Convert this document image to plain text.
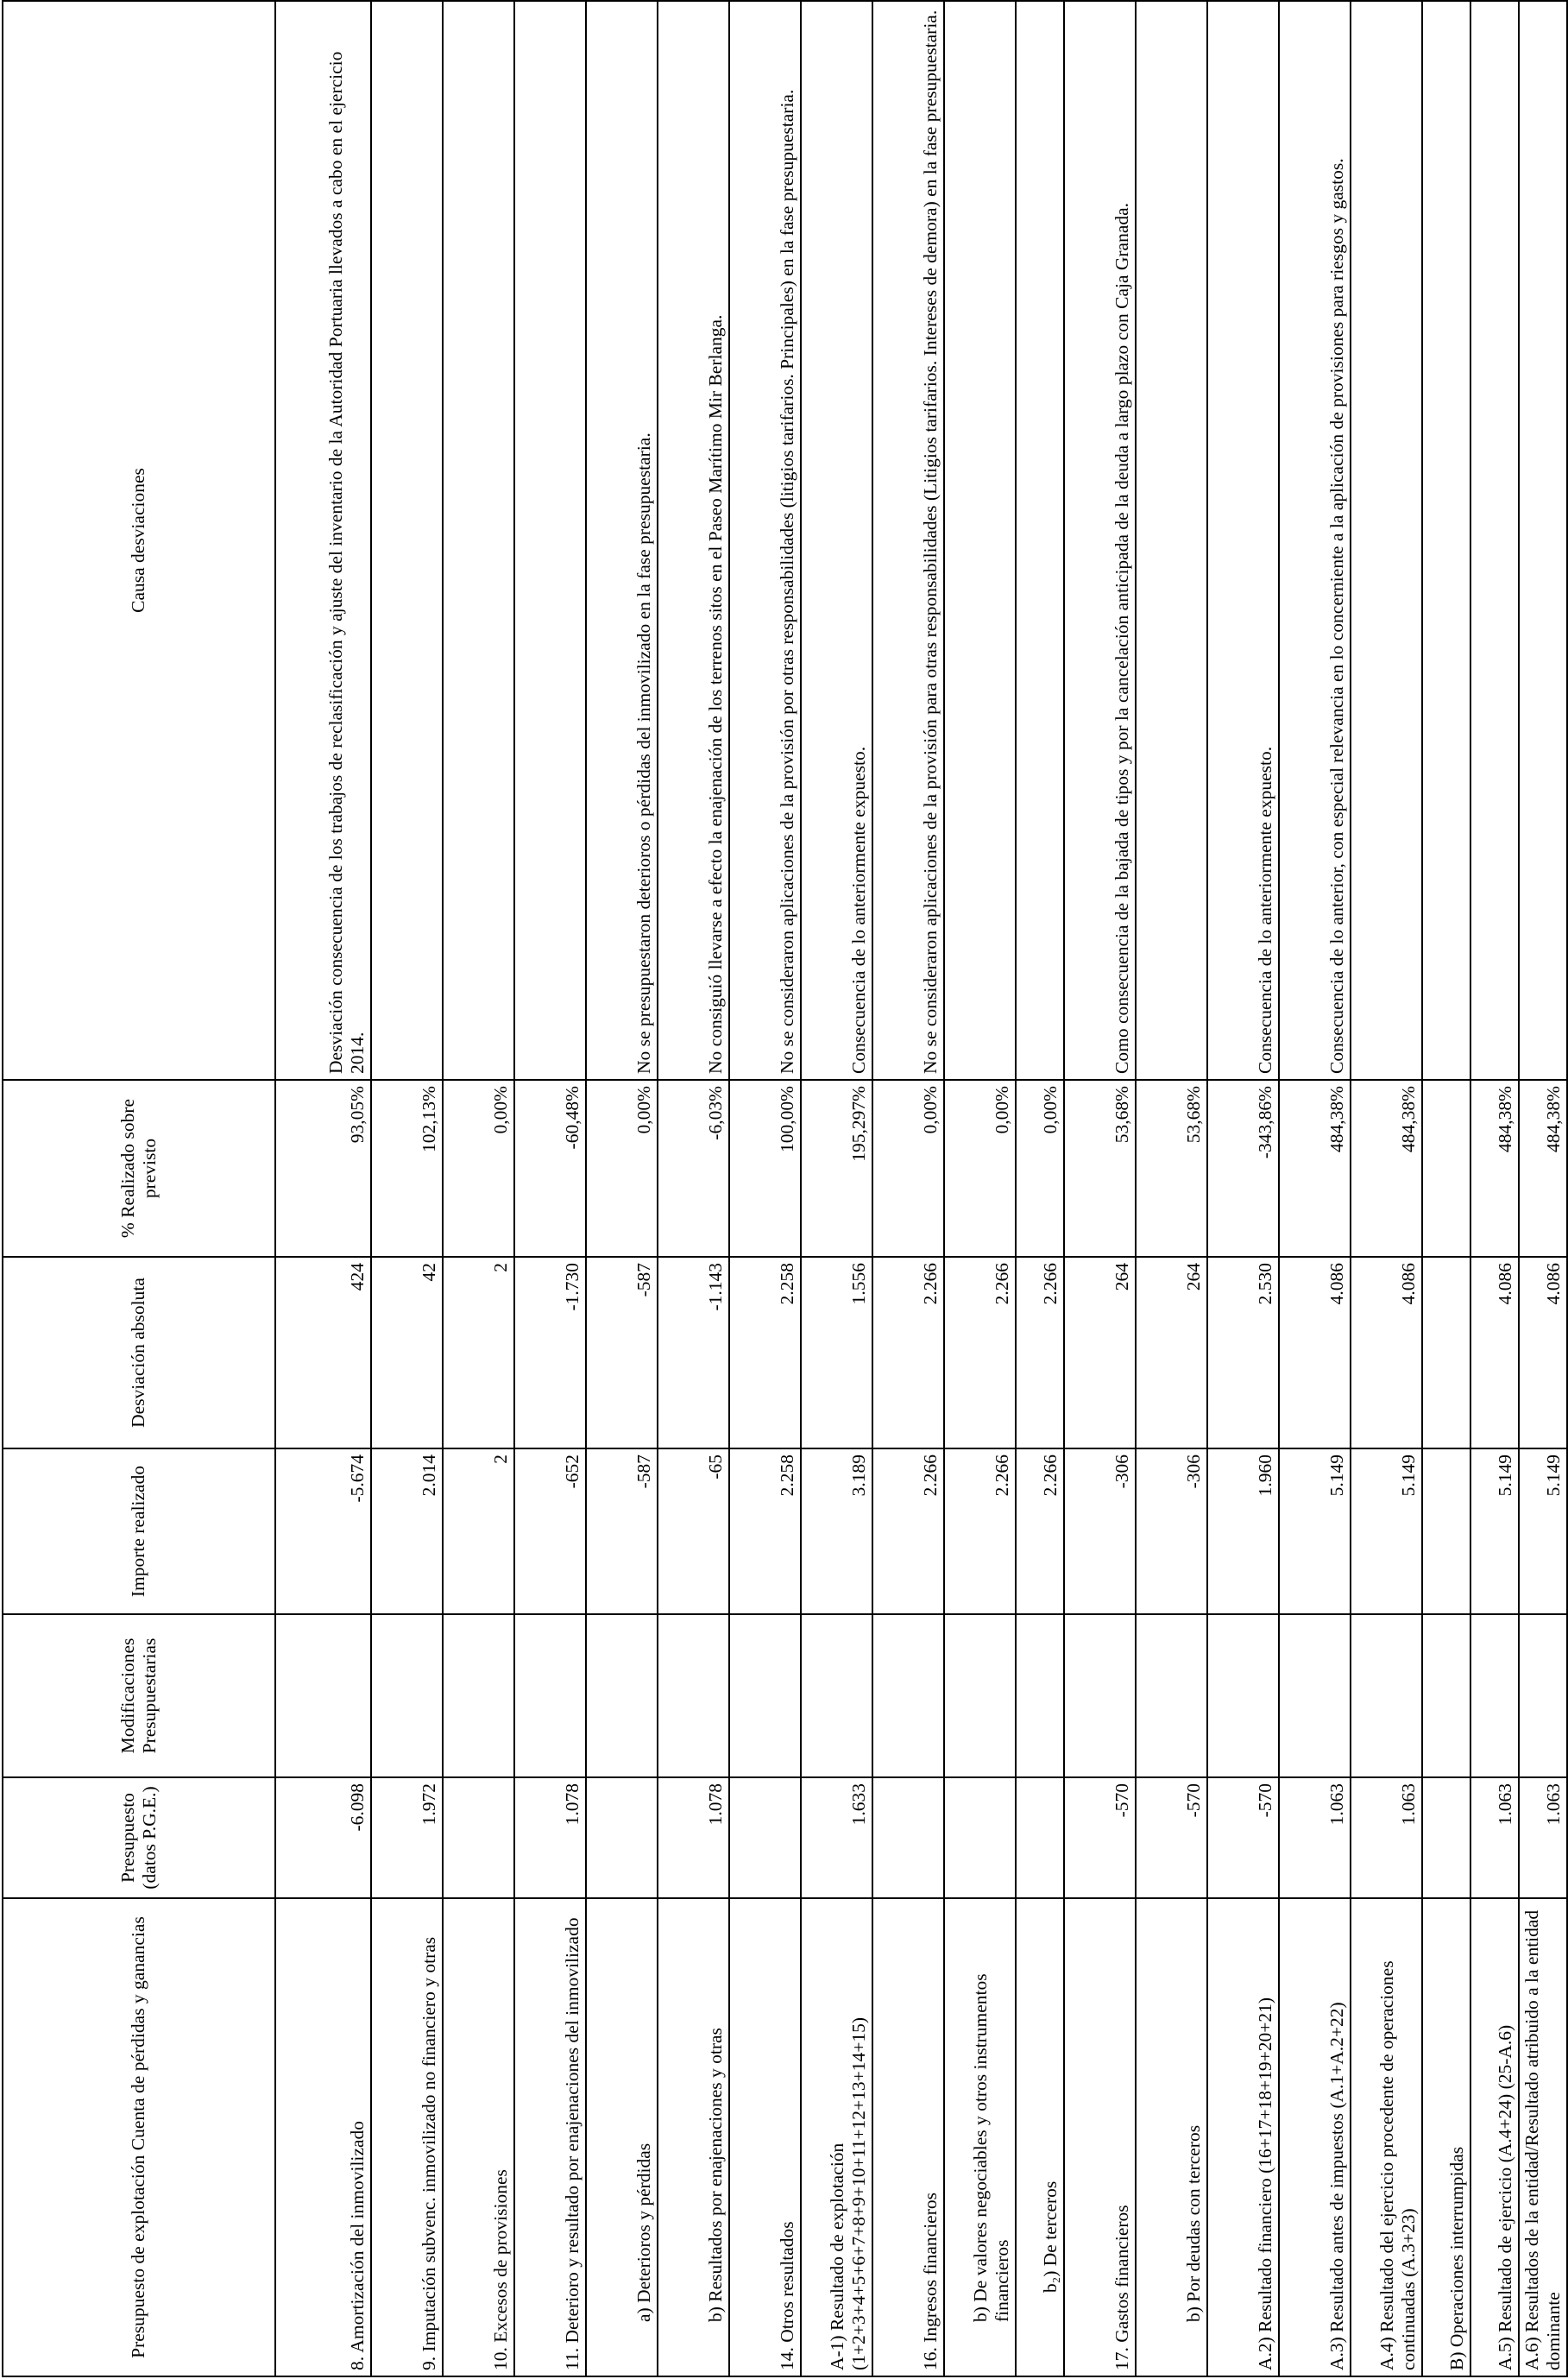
Presupuesto de explotación Cuenta de pérdidas y ganancias	Presupuesto (datos P.G.E.)	Modificaciones Presupuestarias	Importe realizado	Desviación absoluta	% Realizado sobre previsto	Causa desviaciones
8. Amortización del inmovilizado	-6.098		-5.674	424	93,05%	Desviación consecuencia de los trabajos de reclasificación y ajuste del inventario de la Autoridad Portuaria llevados a cabo en el ejercicio 2014.
9. Imputación subvenc. inmovilizado no financiero y otras	1.972		2.014	42	102,13%	
10. Excesos de provisiones			2	2	0,00%	
11. Deterioro y resultado por enajenaciones del inmovilizado	1.078		-652	-1.730	-60,48%	
a) Deterioros y pérdidas			-587	-587	0,00%	No se presupuestaron deterioros o pérdidas del inmovilizado en la fase presupuestaria.
b) Resultados por enajenaciones y otras	1.078		-65	-1.143	-6,03%	No consiguió llevarse a efecto la enajenación de los terrenos sitos en el Paseo Marítimo Mir Berlanga.
14. Otros resultados			2.258	2.258	100,00%	No se consideraron aplicaciones de la provisión por otras responsabilidades (litigios tarifarios. Principales) en la fase presupuestaria.
A-1) Resultado de explotación (1+2+3+4+5+6+7+8+9+10+11+12+13+14+15)	1.633		3.189	1.556	195,297%	Consecuencia de lo anteriormente expuesto.
16. Ingresos financieros			2.266	2.266	0,00%	No se consideraron aplicaciones de la provisión para otras responsabilidades (Litigios tarifarios. Intereses de demora) en la fase presupuestaria.
b) De valores negociables y otros instrumentos financieros			2.266	2.266	0,00%	
b₂) De terceros			2.266	2.266	0,00%	
17. Gastos financieros	-570		-306	264	53,68%	Como consecuencia de la bajada de tipos y por la cancelación anticipada de la deuda a largo plazo con Caja Granada.
b) Por deudas con terceros	-570		-306	264	53,68%	
A.2) Resultado financiero (16+17+18+19+20+21)	-570		1.960	2.530	-343,86%	Consecuencia de lo anteriormente expuesto.
A.3) Resultado antes de impuestos (A.1+A.2+22)	1.063		5.149	4.086	484,38%	Consecuencia de lo anterior, con especial relevancia en lo concerniente a la aplicación de provisiones para riesgos y gastos.
A.4) Resultado del ejercicio procedente de operaciones continuadas (A.3+23)	1.063		5.149	4.086	484,38%	
B) Operaciones interrumpidas						
A.5) Resultado de ejercicio (A.4+24) (25-A.6)	1.063		5.149	4.086	484,38%	
A.6) Resultados de la entidad/Resultado atribuido a la entidad dominante	1.063		5.149	4.086	484,38%	
